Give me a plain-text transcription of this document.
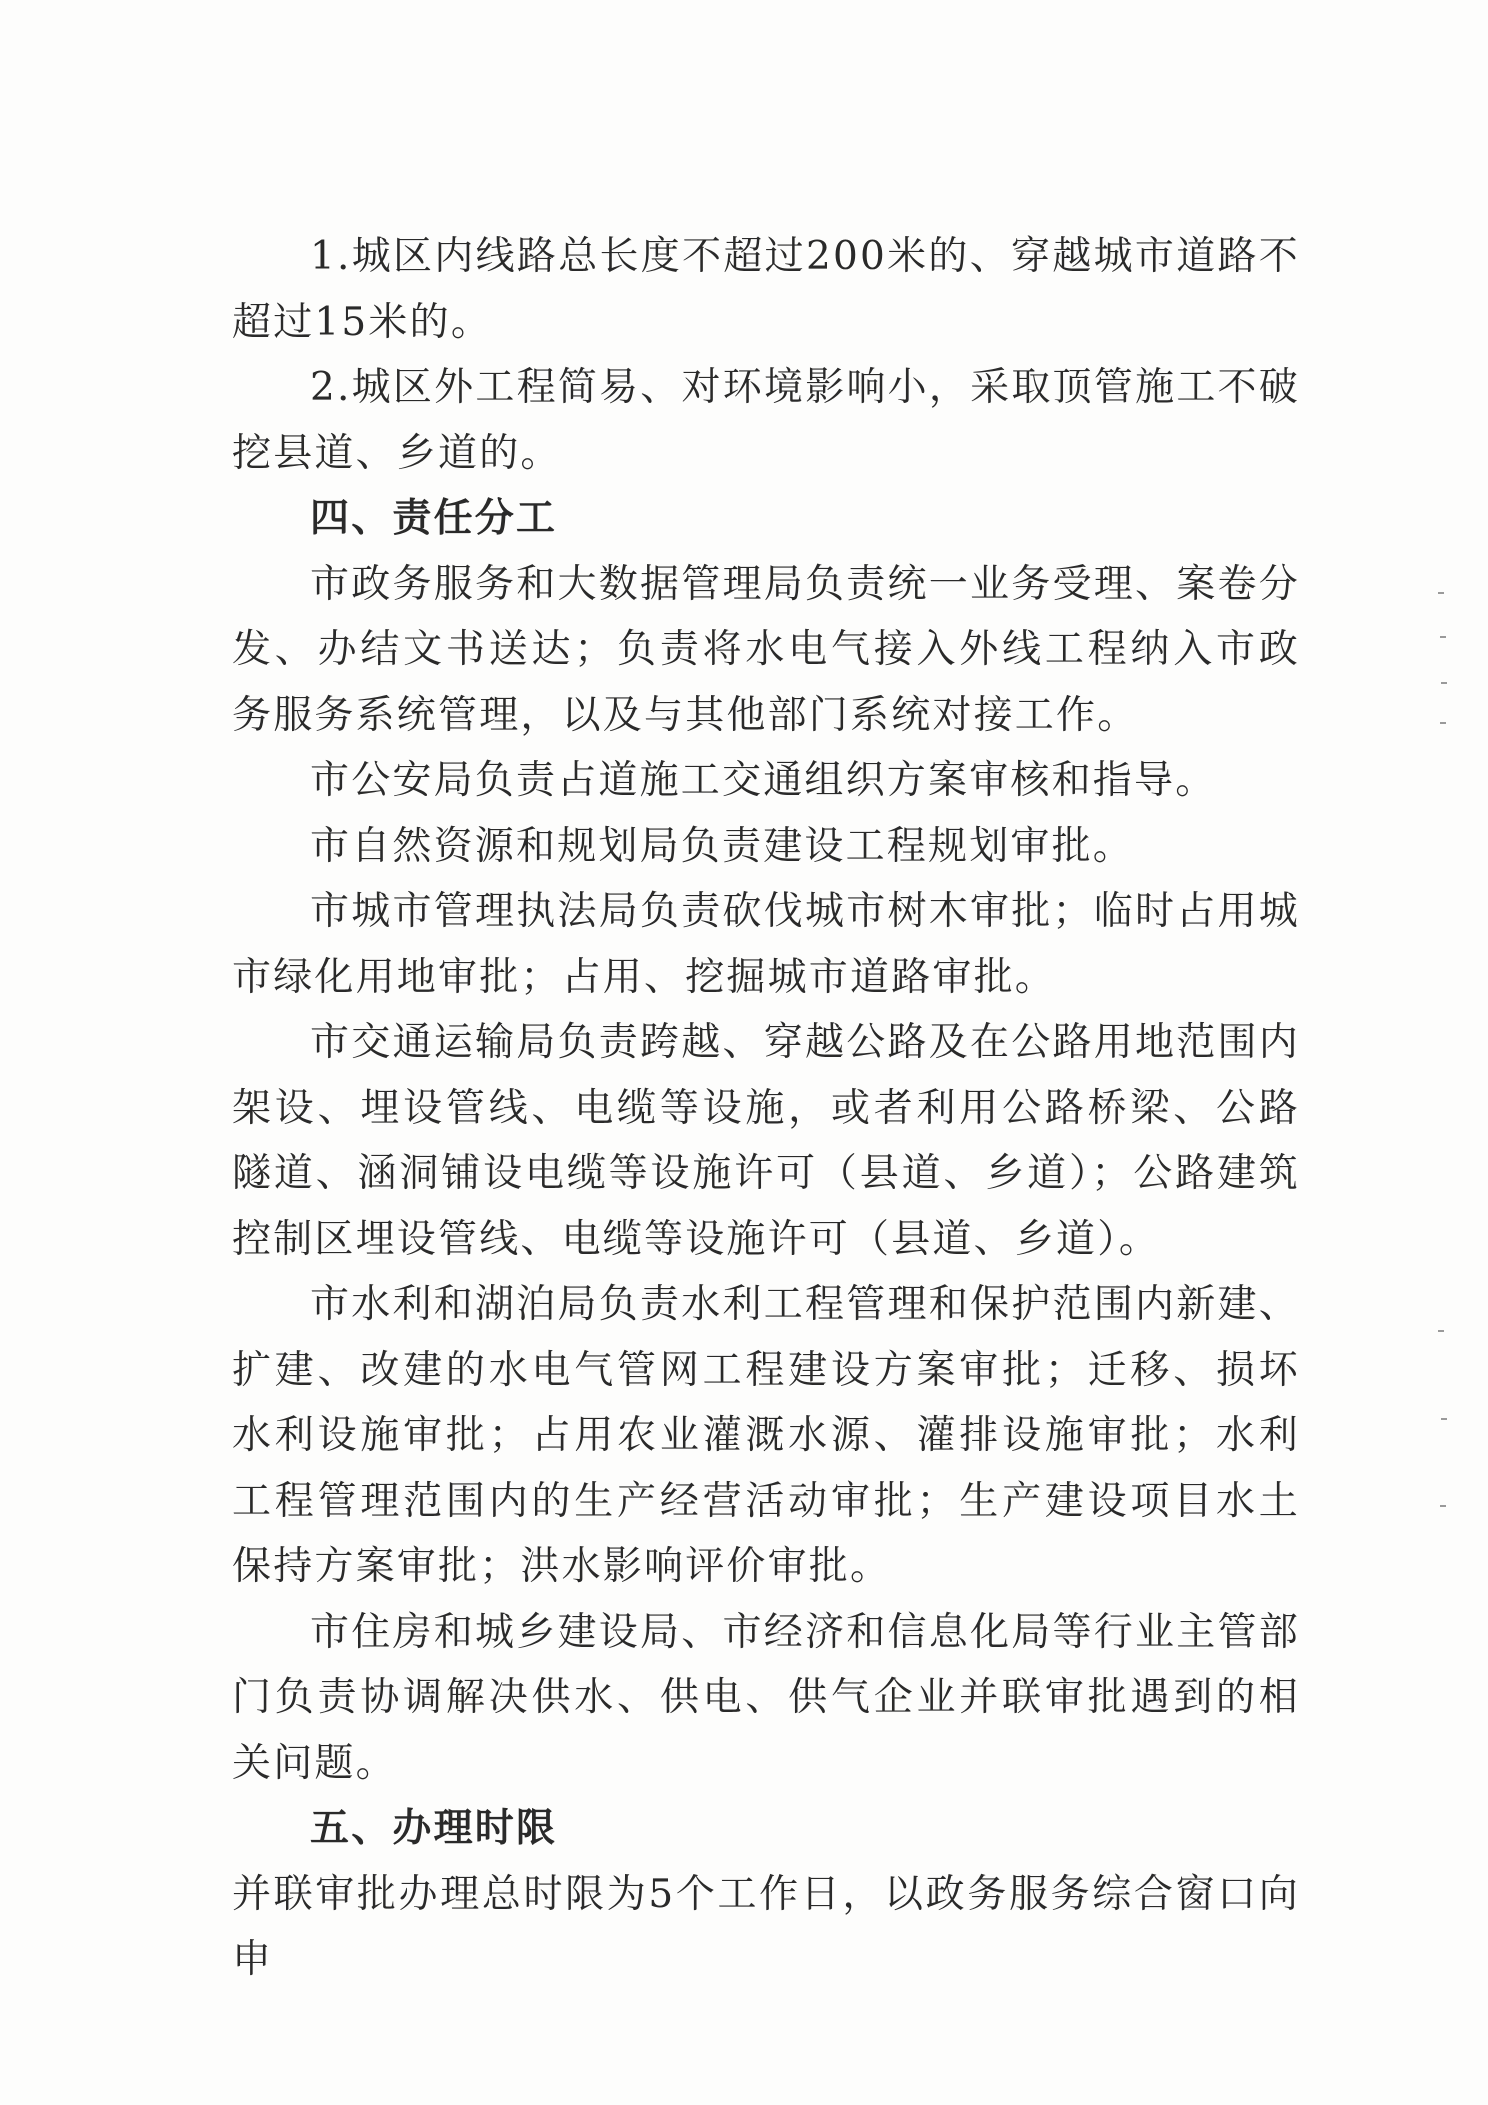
1.城区内线路总长度不超过200米的、穿越城市道路不超过15米的。

2.城区外工程简易、对环境影响小，采取顶管施工不破挖县道、乡道的。

四、责任分工

市政务服务和大数据管理局负责统一业务受理、案卷分发、办结文书送达；负责将水电气接入外线工程纳入市政务服务系统管理，以及与其他部门系统对接工作。

市公安局负责占道施工交通组织方案审核和指导。

市自然资源和规划局负责建设工程规划审批。

市城市管理执法局负责砍伐城市树木审批；临时占用城市绿化用地审批；占用、挖掘城市道路审批。

市交通运输局负责跨越、穿越公路及在公路用地范围内架设、埋设管线、电缆等设施，或者利用公路桥梁、公路隧道、涵洞铺设电缆等设施许可（县道、乡道）；公路建筑控制区埋设管线、电缆等设施许可（县道、乡道）。

市水利和湖泊局负责水利工程管理和保护范围内新建、扩建、改建的水电气管网工程建设方案审批；迁移、损坏水利设施审批；占用农业灌溉水源、灌排设施审批；水利工程管理范围内的生产经营活动审批；生产建设项目水土保持方案审批；洪水影响评价审批。

市住房和城乡建设局、市经济和信息化局等行业主管部门负责协调解决供水、供电、供气企业并联审批遇到的相关问题。

五、办理时限

并联审批办理总时限为5个工作日，以政务服务综合窗口向申
